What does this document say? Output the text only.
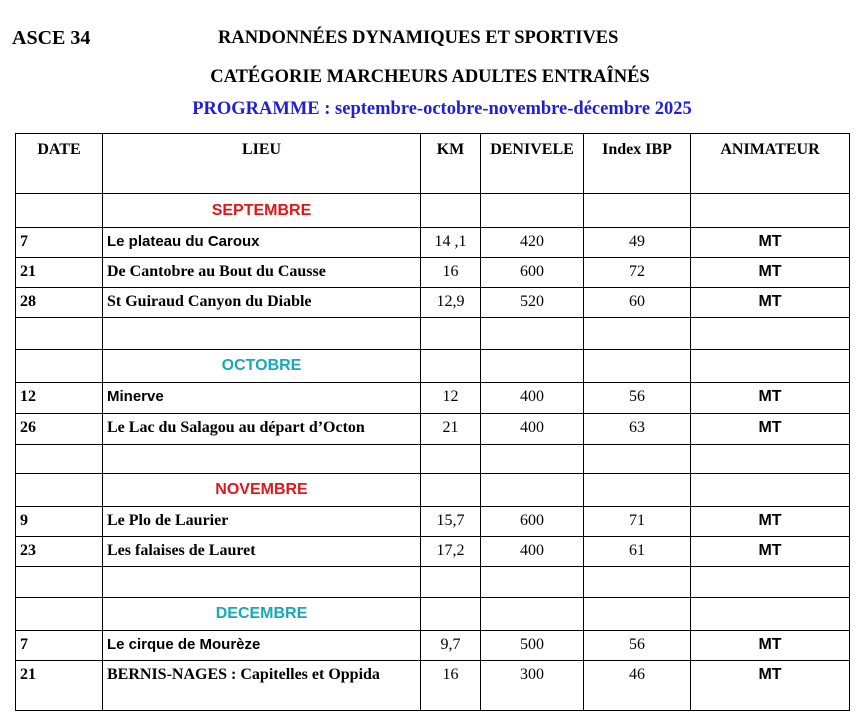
ASCE 34	RANDONNÉES DYNAMIQUES ET SPORTIVES
CATÉGORIE MARCHEURS ADULTES ENTRAÎNÉS
PROGRAMME : septembre-octobre-novembre-décembre 2025
DATE	LIEU	KM	DENIVELE	Index IBP	ANIMATEUR
	SEPTEMBRE				
7	Le plateau du Caroux	14 ,1	420	49	MT
21	De Cantobre au Bout du Causse	16	600	72	MT
28	St Guiraud Canyon du Diable	12,9	520	60	MT

	OCTOBRE				
12	Minerve	12	400	56	MT
26	Le Lac du Salagou au départ d’Octon	21	400	63	MT

	NOVEMBRE				
9	Le Plo de Laurier	15,7	600	71	MT
23	Les falaises de Lauret	17,2	400	61	MT

	DECEMBRE				
7	Le cirque de Mourèze	9,7	500	56	MT
21	BERNIS-NAGES : Capitelles et Oppida	16	300	46	MT
